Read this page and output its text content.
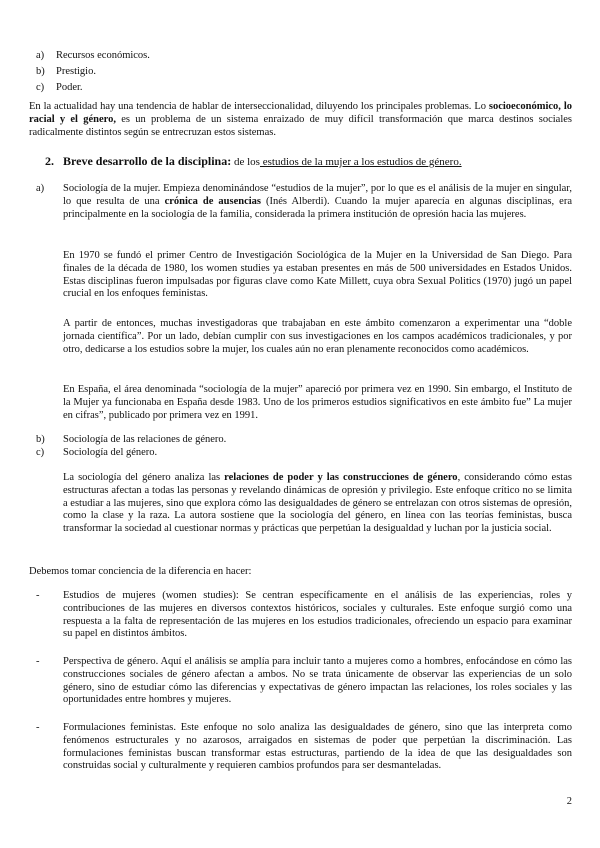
a) Recursos económicos.
b) Prestigio.
c) Poder.

En la actualidad hay una tendencia de hablar de interseccionalidad, diluyendo los principales problemas. Lo socioeconómico, lo racial y el género, es un problema de un sistema enraizado de muy difícil transformación que marca destinos sociales radicalmente distintos según se entrecruzan estos sistemas.

2. Breve desarrollo de la disciplina: de los estudios de la mujer a los estudios de género.
a) Sociología de la mujer. Empieza denominándose “estudios de la mujer”, por lo que es el análisis de la mujer en singular, lo que resulta de una crónica de ausencias (Inés Alberdi). Cuando la mujer aparecía en algunas disciplinas, era principalmente en la sociología de la familia, considerada la primera institución de opresión hacia las mujeres.

En 1970 se fundó el primer Centro de Investigación Sociológica de la Mujer en la Universidad de San Diego. Para finales de la década de 1980, los women studies ya estaban presentes en más de 500 universidades en Estados Unidos. Estas disciplinas fueron impulsadas por figuras clave como Kate Millett, cuya obra Sexual Politics (1970) jugó un papel crucial en los enfoques feministas.

A partir de entonces, muchas investigadoras que trabajaban en este ámbito comenzaron a experimentar una “doble jornada científica”. Por un lado, debían cumplir con sus investigaciones en los campos académicos tradicionales, y por otro, dedicarse a los estudios sobre la mujer, los cuales aún no eran plenamente reconocidos como académicos.

En España, el área denominada “sociología de la mujer” apareció por primera vez en 1990. Sin embargo, el Instituto de la Mujer ya funcionaba en España desde 1983. Uno de los primeros estudios significativos en este ámbito fue” La mujer en cifras”, publicado por primera vez en 1991.

b) Sociología de las relaciones de género.
c) Sociología del género.

La sociología del género analiza las relaciones de poder y las construcciones de género, considerando cómo estas estructuras afectan a todas las personas y revelando dinámicas de opresión y privilegio. Este enfoque crítico no se limita a estudiar a las mujeres, sino que explora cómo las desigualdades de género se entrelazan con otros sistemas de opresión, como la clase y la raza. La autora sostiene que la sociología del género, en línea con las teorías feministas, busca transformar la sociedad al cuestionar normas y prácticas que perpetúan la desigualdad y luchan por la justicia social.

Debemos tomar conciencia de la diferencia en hacer:

- Estudios de mujeres (women studies): Se centran específicamente en el análisis de las experiencias, roles y contribuciones de las mujeres en diversos contextos históricos, sociales y culturales. Este enfoque surgió como una respuesta a la falta de representación de las mujeres en los estudios tradicionales, ofreciendo un espacio para examinar su papel en distintos ámbitos.

- Perspectiva de género. Aquí el análisis se amplía para incluir tanto a mujeres como a hombres, enfocándose en cómo las construcciones sociales de género afectan a ambos. No se trata únicamente de observar las experiencias de un solo género, sino de estudiar cómo las diferencias y expectativas de género impactan las relaciones, los roles sociales y las oportunidades entre hombres y mujeres.

- Formulaciones feministas. Este enfoque no solo analiza las desigualdades de género, sino que las interpreta como fenómenos estructurales y no azarosos, arraigados en sistemas de poder que perpetúan la discriminación. Las formulaciones feministas buscan transformar estas estructuras, partiendo de la idea de que las desigualdades son construidas social y culturalmente y requieren cambios profundos para ser desmanteladas.

2
